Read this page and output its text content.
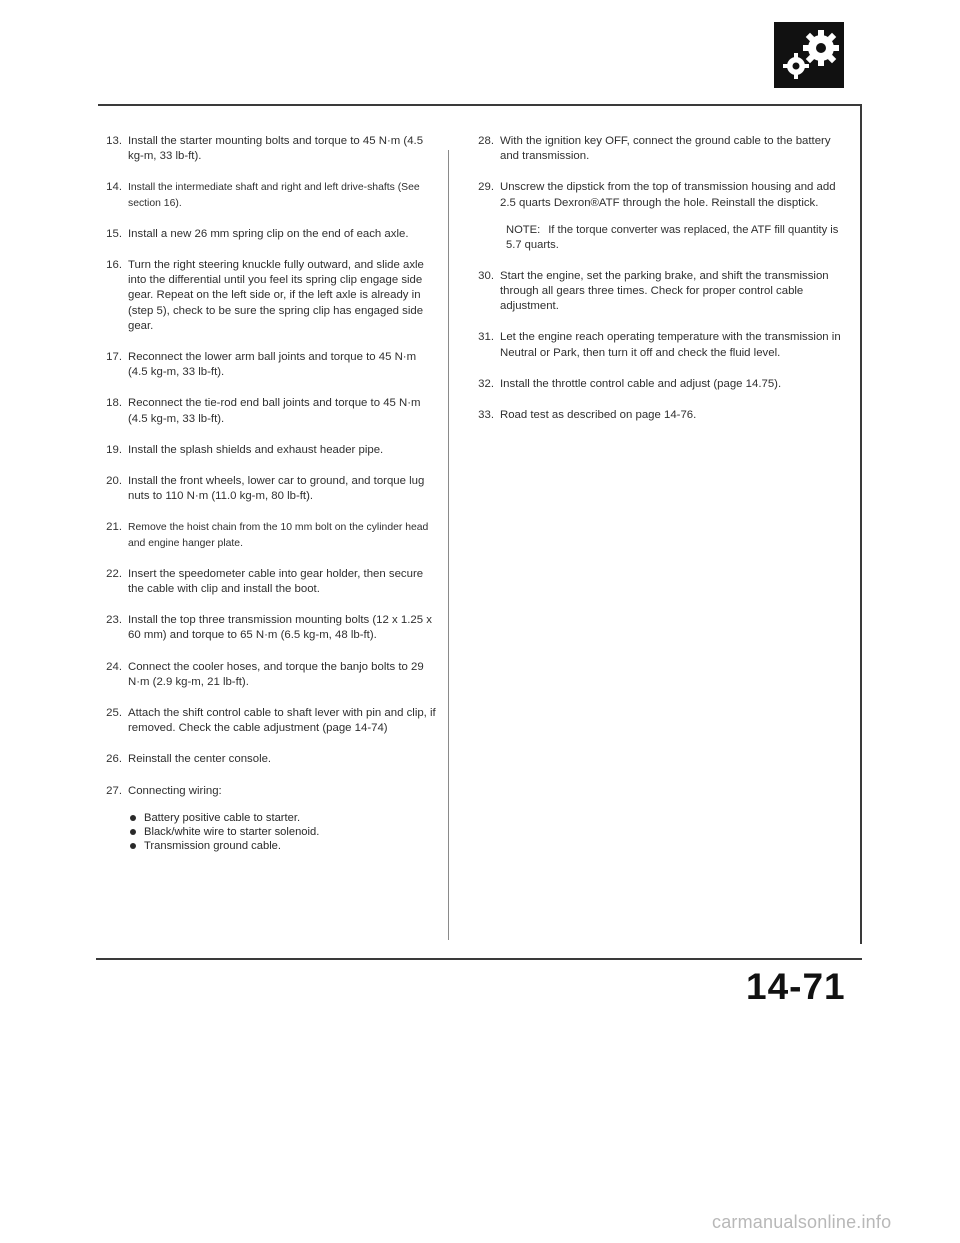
13. Install the starter mounting bolts and torque to 45 N·m (4.5 kg-m, 33 lb-ft).
14. Install the intermediate shaft and right and left drive-shafts (See section 16).
15. Install a new 26 mm spring clip on the end of each axle.
16. Turn the right steering knuckle fully outward, and slide axle into the differential until you feel its spring clip engage side gear. Repeat on the left side or, if the left axle is already in (step 5), check to be sure the spring clip has engaged side gear.
17. Reconnect the lower arm ball joints and torque to 45 N·m (4.5 kg-m, 33 lb-ft).
18. Reconnect the tie-rod end ball joints and torque to 45 N·m (4.5 kg-m, 33 lb-ft).
19. Install the splash shields and exhaust header pipe.
20. Install the front wheels, lower car to ground, and torque lug nuts to 110 N·m (11.0 kg-m, 80 lb-ft).
21. Remove the hoist chain from the 10 mm bolt on the cylinder head and engine hanger plate.
22. Insert the speedometer cable into gear holder, then secure the cable with clip and install the boot.
23. Install the top three transmission mounting bolts (12 x 1.25 x 60 mm) and torque to 65 N·m (6.5 kg-m, 48 lb-ft).
24. Connect the cooler hoses, and torque the banjo bolts to 29 N·m (2.9 kg-m, 21 lb-ft).
25. Attach the shift control cable to shaft lever with pin and clip, if removed. Check the cable adjustment (page 14-74)
26. Reinstall the center console.
27. Connecting wiring:
Battery positive cable to starter.
Black/white wire to starter solenoid.
Transmission ground cable.
28. With the ignition key OFF, connect the ground cable to the battery and transmission.
29. Unscrew the dipstick from the top of transmission housing and add 2.5 quarts Dexron®ATF through the hole. Reinstall the disptick.
NOTE: If the torque converter was replaced, the ATF fill quantity is 5.7 quarts.
30. Start the engine, set the parking brake, and shift the transmission through all gears three times. Check for proper control cable adjustment.
31. Let the engine reach operating temperature with the transmission in Neutral or Park, then turn it off and check the fluid level.
32. Install the throttle control cable and adjust (page 14.75).
33. Road test as described on page 14-76.
14-71
carmanualsonline.info
